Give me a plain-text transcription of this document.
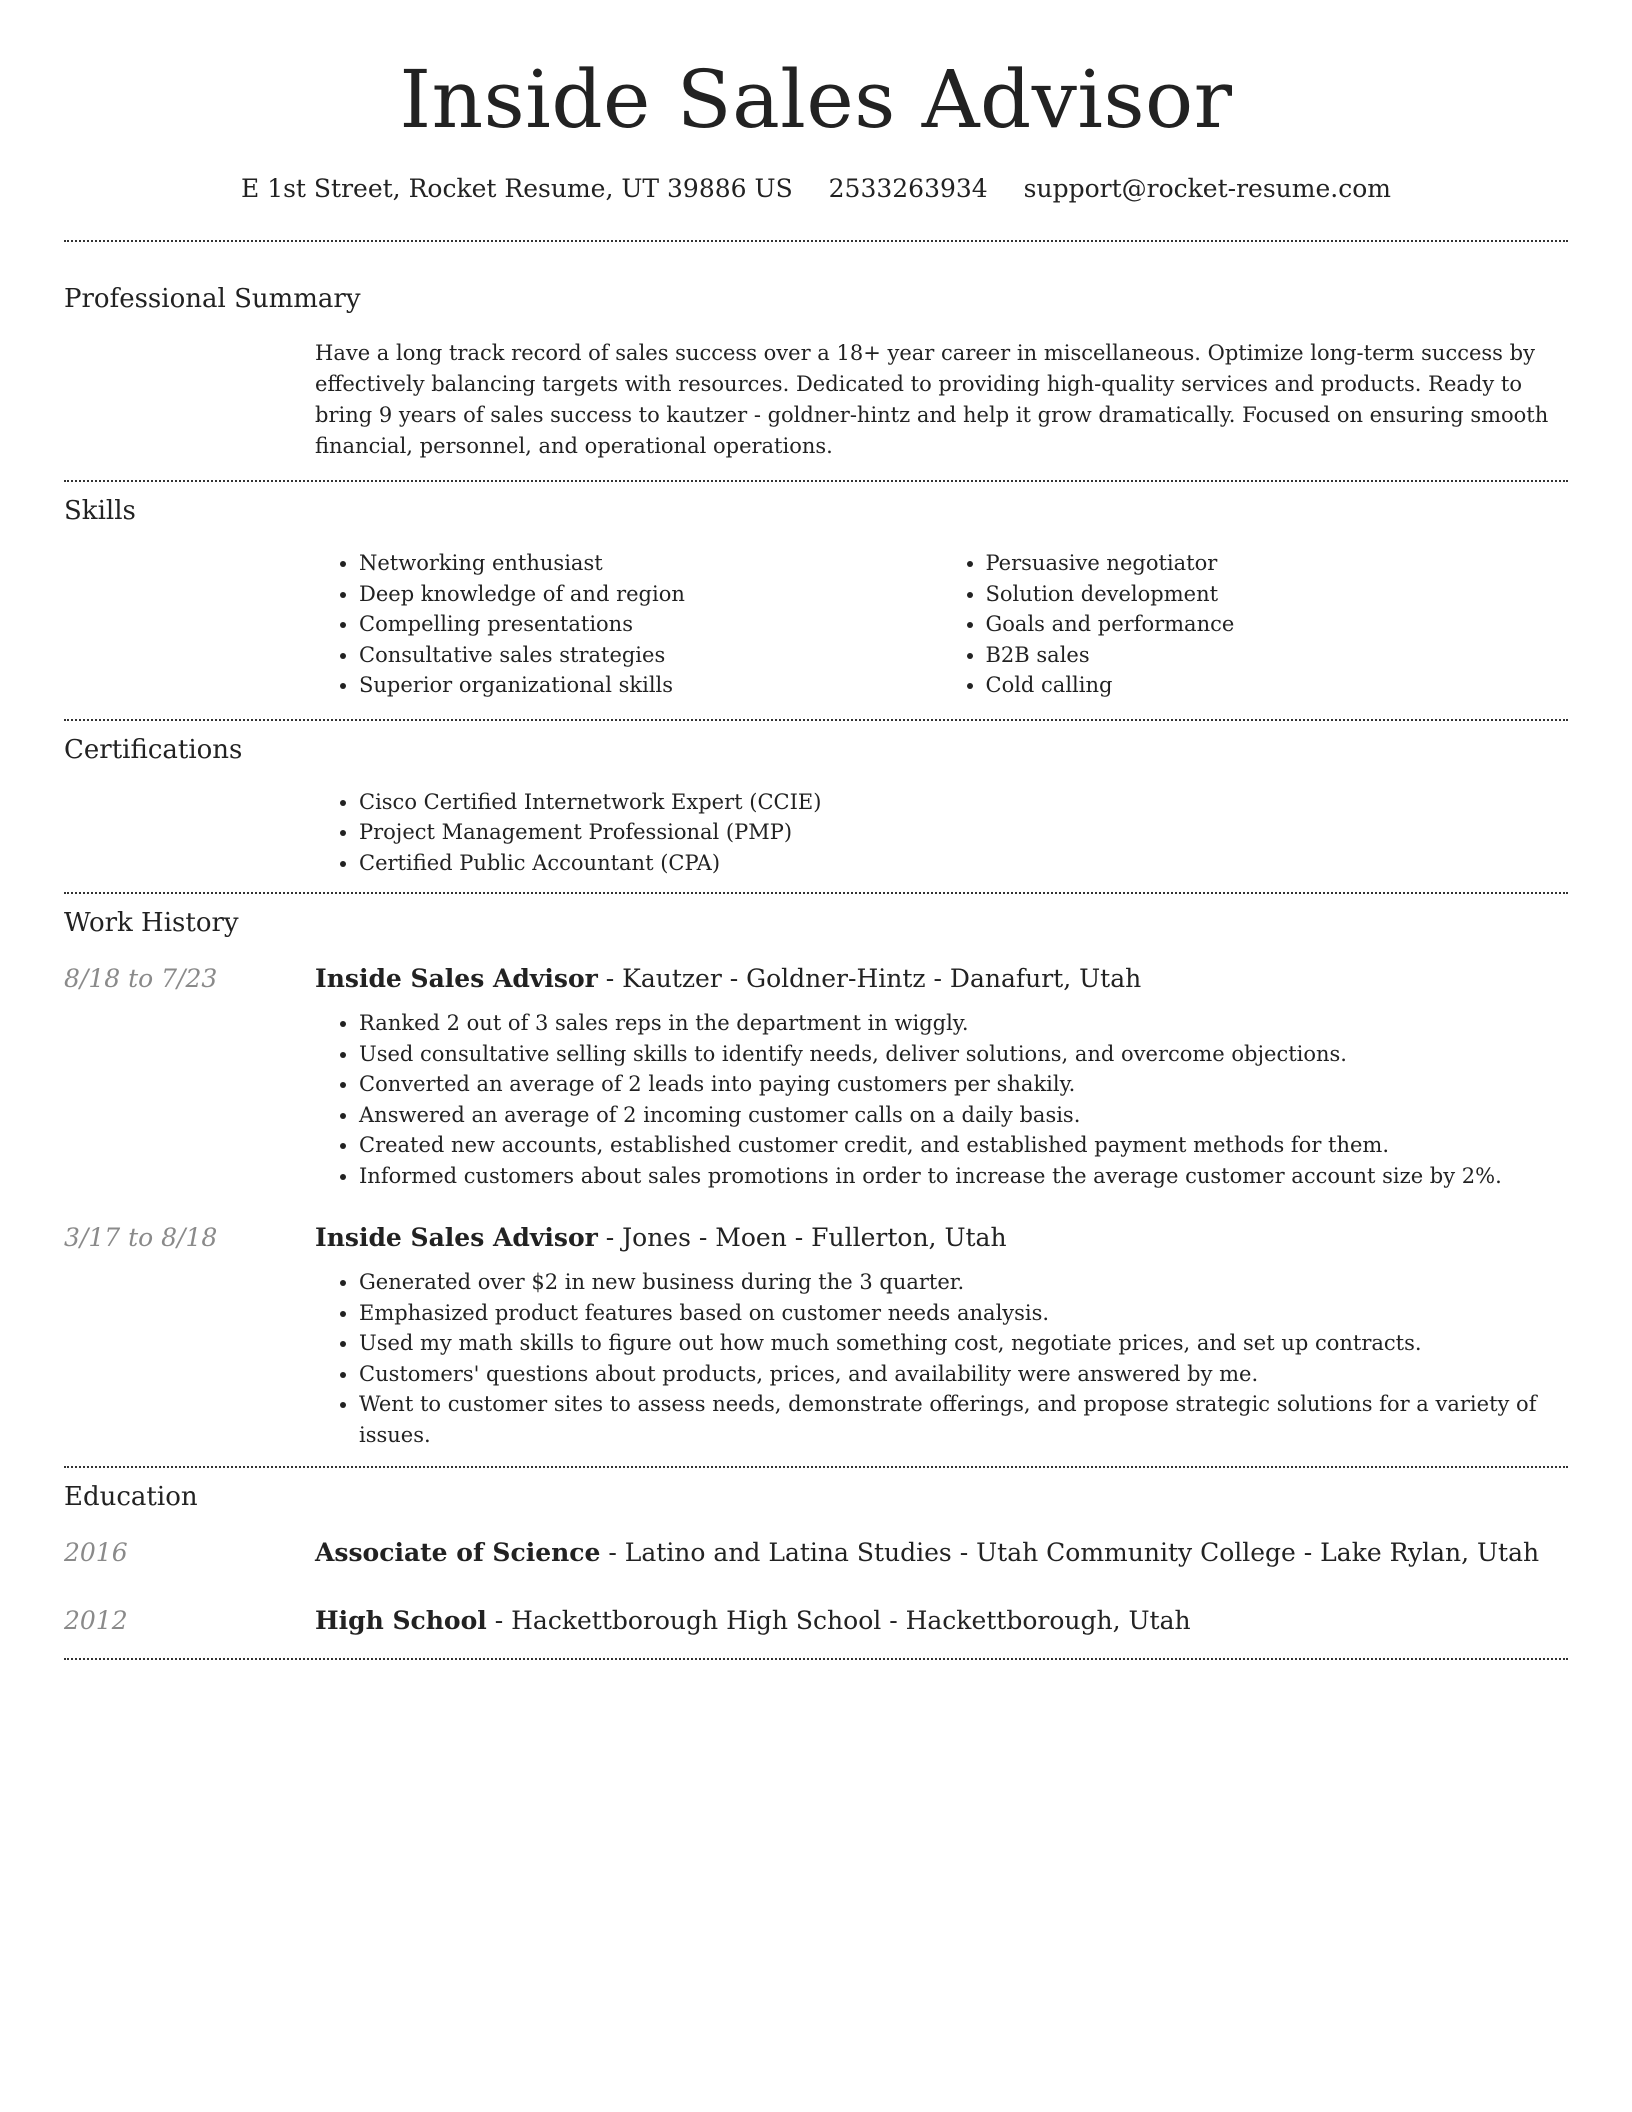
Inside Sales Advisor
E 1st Street, Rocket Resume, UT 39886 US 2533263934 support@rocket-resume.com
Professional Summary
Have a long track record of sales success over a 18+ year career in miscellaneous. Optimize long-term success by effectively balancing targets with resources. Dedicated to providing high-quality services and products. Ready to bring 9 years of sales success to kautzer - goldner-hintz and help it grow dramatically. Focused on ensuring smooth financial, personnel, and operational operations.
Skills
• Networking enthusiast
• Deep knowledge of and region
• Compelling presentations
• Consultative sales strategies
• Superior organizational skills
• Persuasive negotiator
• Solution development
• Goals and performance
• B2B sales
• Cold calling
Certifications
• Cisco Certified Internetwork Expert (CCIE)
• Project Management Professional (PMP)
• Certified Public Accountant (CPA)
Work History
8/18 to 7/23	Inside Sales Advisor - Kautzer - Goldner-Hintz - Danafurt, Utah
• Ranked 2 out of 3 sales reps in the department in wiggly.
• Used consultative selling skills to identify needs, deliver solutions, and overcome objections.
• Converted an average of 2 leads into paying customers per shakily.
• Answered an average of 2 incoming customer calls on a daily basis.
• Created new accounts, established customer credit, and established payment methods for them.
• Informed customers about sales promotions in order to increase the average customer account size by 2%.
3/17 to 8/18	Inside Sales Advisor - Jones - Moen - Fullerton, Utah
• Generated over $2 in new business during the 3 quarter.
• Emphasized product features based on customer needs analysis.
• Used my math skills to figure out how much something cost, negotiate prices, and set up contracts.
• Customers' questions about products, prices, and availability were answered by me.
• Went to customer sites to assess needs, demonstrate offerings, and propose strategic solutions for a variety of issues.
Education
2016	Associate of Science - Latino and Latina Studies - Utah Community College - Lake Rylan, Utah
2012	High School - Hackettborough High School - Hackettborough, Utah
